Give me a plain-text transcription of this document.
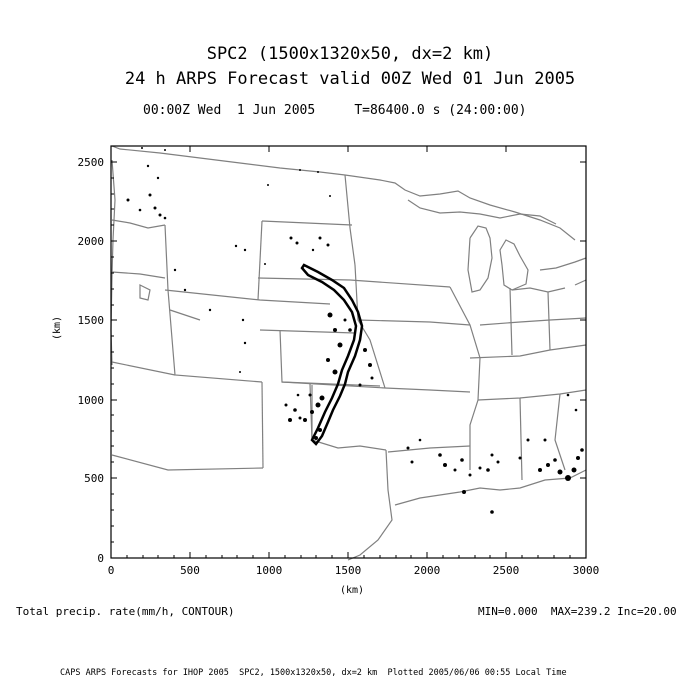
SPC2 (1500x1320x50, dx=2 km)
24 h ARPS Forecast valid 00Z Wed 01 Jun 2005
00:00Z Wed  1 Jun 2005     T=86400.0 s (24:00:00)
0	500	1000	1500	2000	2500	3000
0
500
1000
1500
2000
2500
(km)
(km)
Total precip. rate(mm/h, CONTOUR)	MIN=0.000  MAX=239.2 Inc=20.00
CAPS ARPS Forecasts for IHOP 2005  SPC2, 1500x1320x50, dx=2 km  Plotted 2005/06/06 00:55 Local Time
